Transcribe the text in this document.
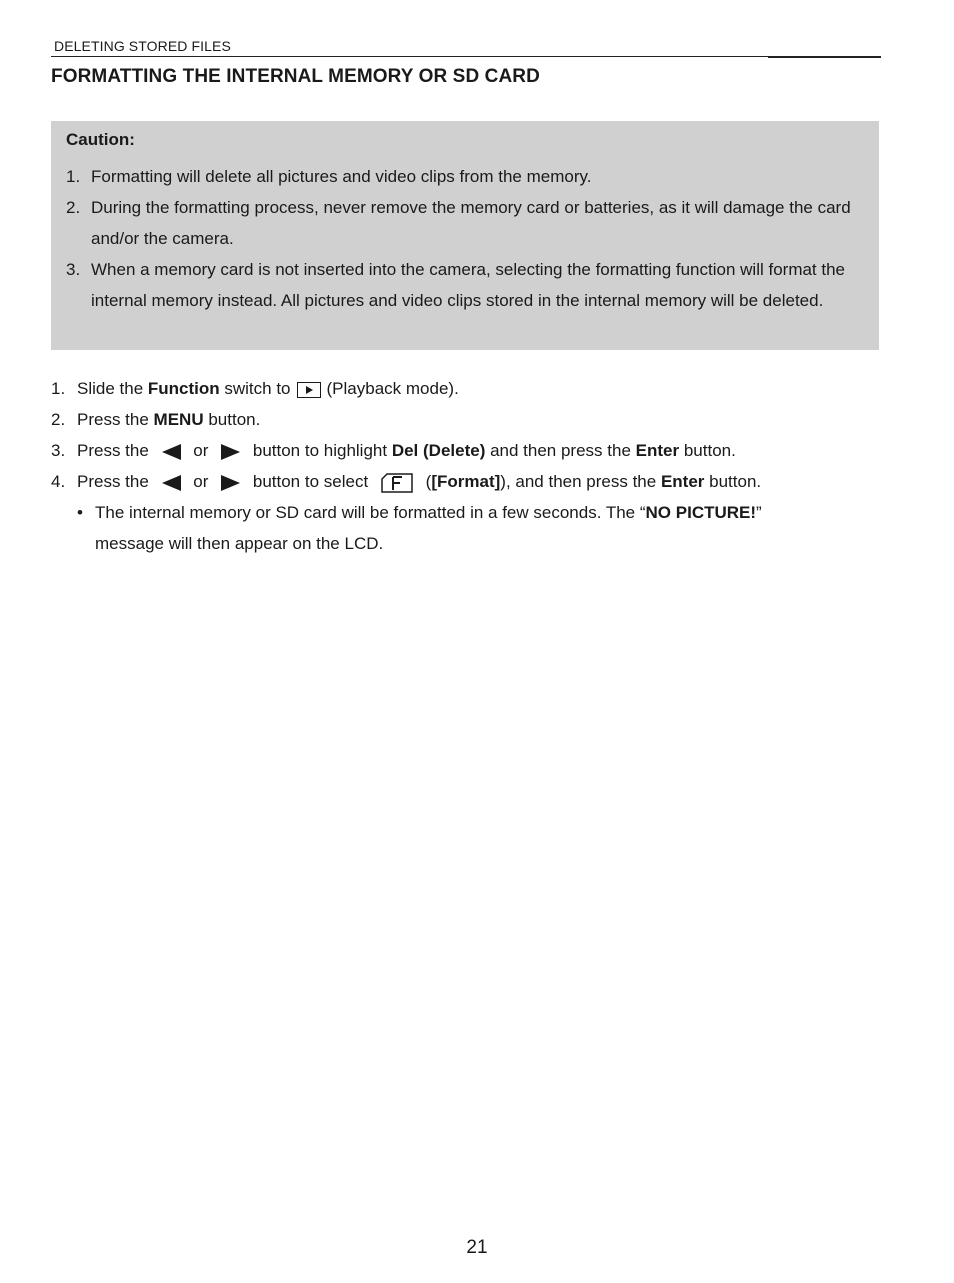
DELETING STORED FILES
FORMATTING THE INTERNAL MEMORY OR SD CARD
Caution:
1. Formatting will delete all pictures and video clips from the memory.
2. During the formatting process, never remove the memory card or batteries, as it will damage the card and/or the camera.
3. When a memory card is not inserted into the camera, selecting the formatting function will format the internal memory instead. All pictures and video clips stored in the internal memory will be deleted.
1. Slide the Function switch to (Playback mode).
2. Press the MENU button.
3. Press the	or	button to highlight Del (Delete) and then press the Enter button.
4. Press the	or	button to select	([Format]), and then press the Enter button.
• The internal memory or SD card will be formatted in a few seconds. The “NO PICTURE!” message will then appear on the LCD.
21
